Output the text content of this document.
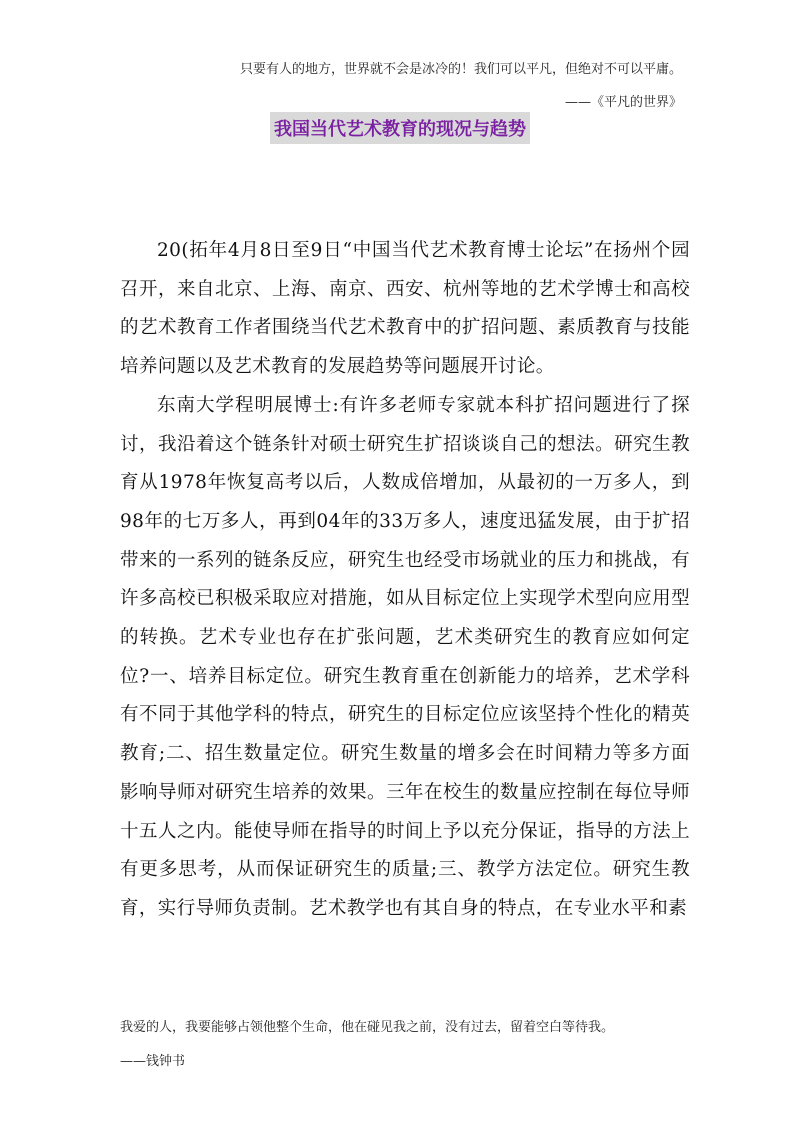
只要有人的地方，世界就不会是冰冷的！我们可以平凡，但绝对不可以平庸。
——《平凡的世界》
我国当代艺术教育的现况与趋势

20(拓年4月8日至9日“中国当代艺术教育博士论坛”在扬州个园召开，来自北京、上海、南京、西安、杭州等地的艺术学博士和高校的艺术教育工作者围绕当代艺术教育中的扩招问题、素质教育与技能培养问题以及艺术教育的发展趋势等问题展开讨论。

东南大学程明展博士:有许多老师专家就本科扩招问题进行了探讨，我沿着这个链条针对硕士研究生扩招谈谈自己的想法。研究生教育从1978年恢复高考以后，人数成倍增加，从最初的一万多人，到98年的七万多人，再到04年的33万多人，速度迅猛发展，由于扩招带来的一系列的链条反应，研究生也经受市场就业的压力和挑战，有许多高校已积极采取应对措施，如从目标定位上实现学术型向应用型的转换。艺术专业也存在扩张问题，艺术类研究生的教育应如何定位?一、培养目标定位。研究生教育重在创新能力的培养，艺术学科有不同于其他学科的特点，研究生的目标定位应该坚持个性化的精英教育;二、招生数量定位。研究生数量的增多会在时间精力等多方面影响导师对研究生培养的效果。三年在校生的数量应控制在每位导师十五人之内。能使导师在指导的时间上予以充分保证，指导的方法上有更多思考，从而保证研究生的质量;三、教学方法定位。研究生教育，实行导师负责制。艺术教学也有其自身的特点，在专业水平和素

我爱的人，我要能够占领他整个生命，他在碰见我之前，没有过去，留着空白等待我。
——钱钟书
